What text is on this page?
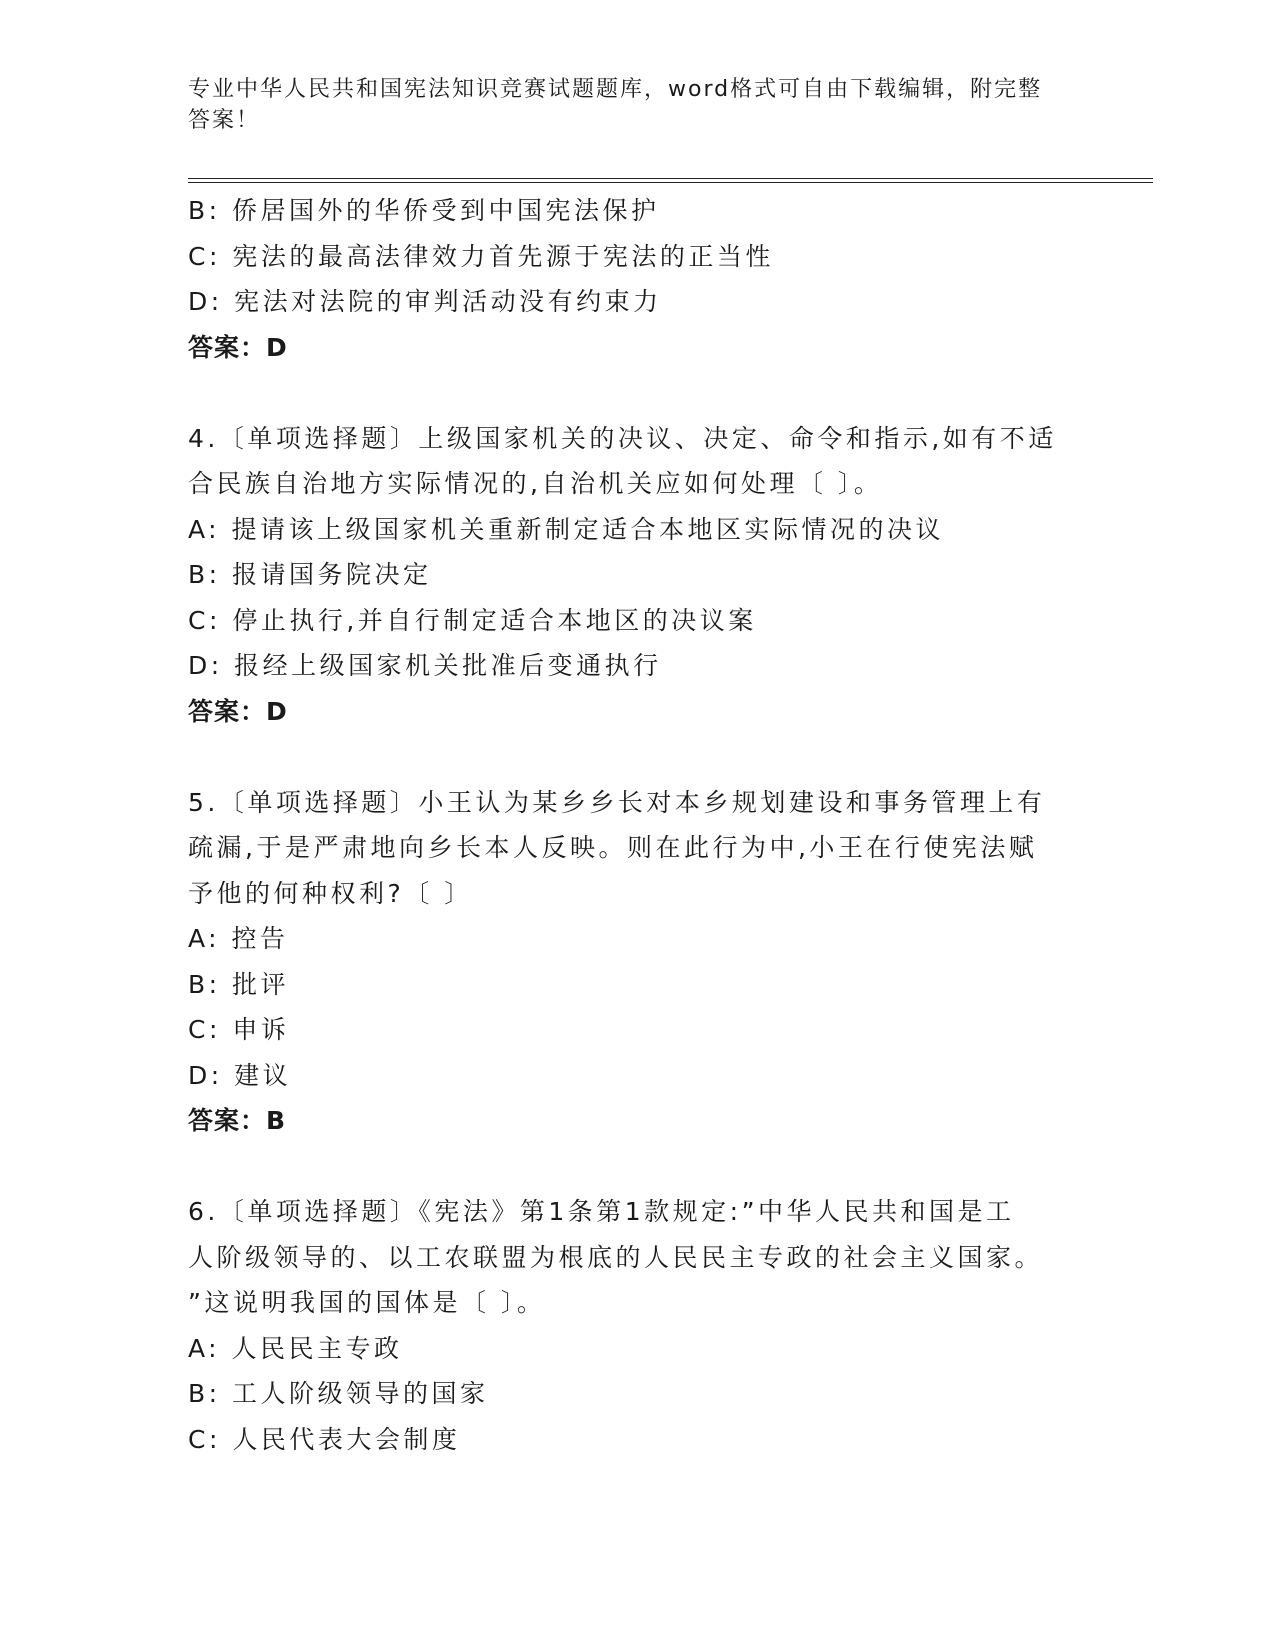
专业中华人民共和国宪法知识竞赛试题题库，word格式可自由下载编辑，附完整
答案！
B: 侨居国外的华侨受到中国宪法保护
C: 宪法的最高法律效力首先源于宪法的正当性
D: 宪法对法院的审判活动没有约束力
答案：D
4.〔单项选择题〕上级国家机关的决议、决定、命令和指示,如有不适
合民族自治地方实际情况的,自治机关应如何处理〔 〕。
A: 提请该上级国家机关重新制定适合本地区实际情况的决议
B: 报请国务院决定
C: 停止执行,并自行制定适合本地区的决议案
D: 报经上级国家机关批准后变通执行
答案：D
5.〔单项选择题〕小王认为某乡乡长对本乡规划建设和事务管理上有
疏漏,于是严肃地向乡长本人反映。则在此行为中,小王在行使宪法赋
予他的何种权利?〔 〕
A: 控告
B: 批评
C: 申诉
D: 建议
答案：B
6.〔单项选择题〕《宪法》第1条第1款规定:”中华人民共和国是工
人阶级领导的、以工农联盟为根底的人民民主专政的社会主义国家。
”这说明我国的国体是〔 〕。
A: 人民民主专政
B: 工人阶级领导的国家
C: 人民代表大会制度
